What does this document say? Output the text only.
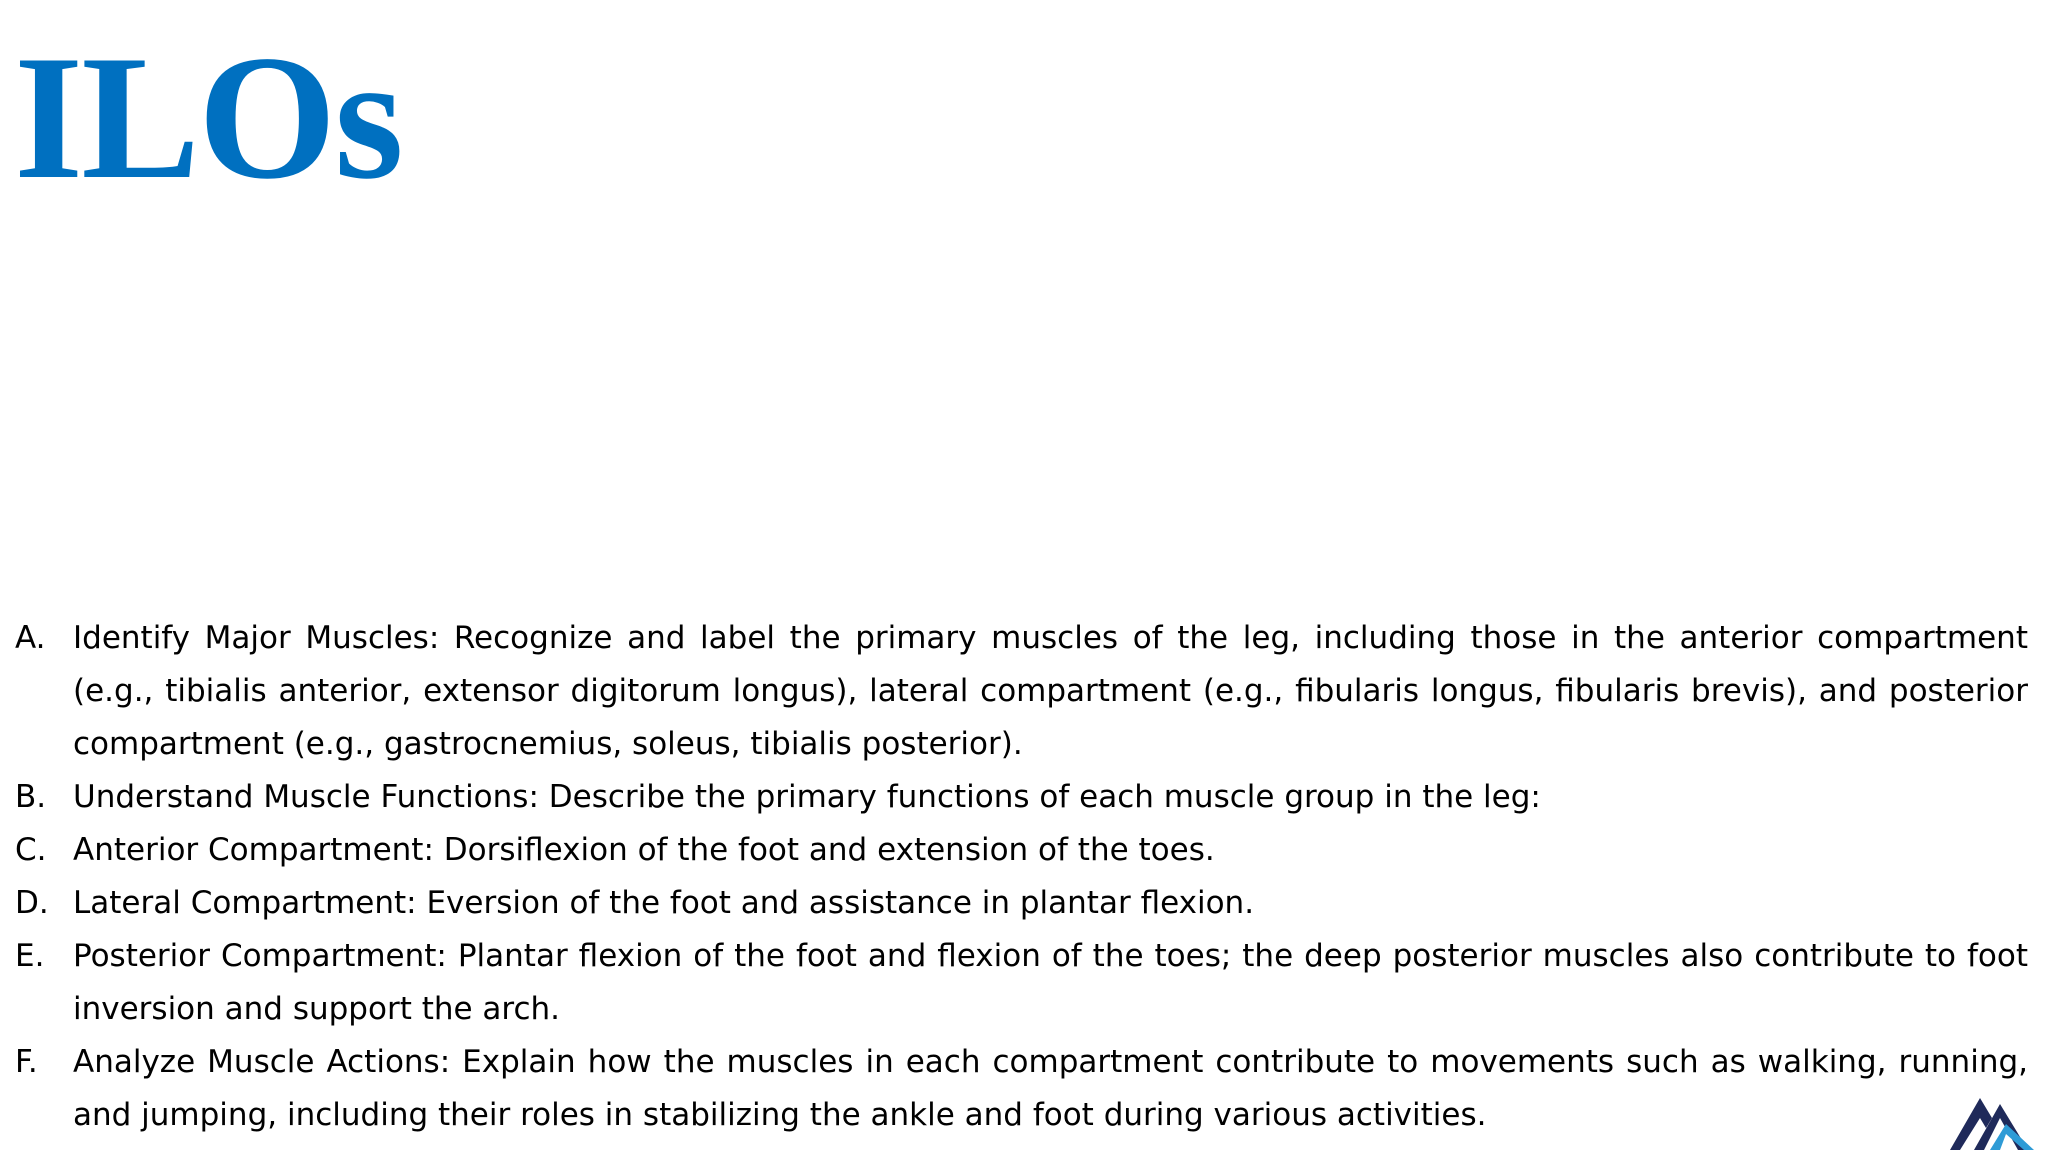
ILOs
A. Identify Major Muscles: Recognize and label the primary muscles of the leg, including those in the anterior compartment (e.g., tibialis anterior, extensor digitorum longus), lateral compartment (e.g., fibularis longus, fibularis brevis), and posterior compartment (e.g., gastrocnemius, soleus, tibialis posterior).
B. Understand Muscle Functions: Describe the primary functions of each muscle group in the leg:
C. Anterior Compartment: Dorsiflexion of the foot and extension of the toes.
D. Lateral Compartment: Eversion of the foot and assistance in plantar flexion.
E. Posterior Compartment: Plantar flexion of the foot and flexion of the toes; the deep posterior muscles also contribute to foot inversion and support the arch.
F. Analyze Muscle Actions: Explain how the muscles in each compartment contribute to movements such as walking, running, and jumping, including their roles in stabilizing the ankle and foot during various activities.
